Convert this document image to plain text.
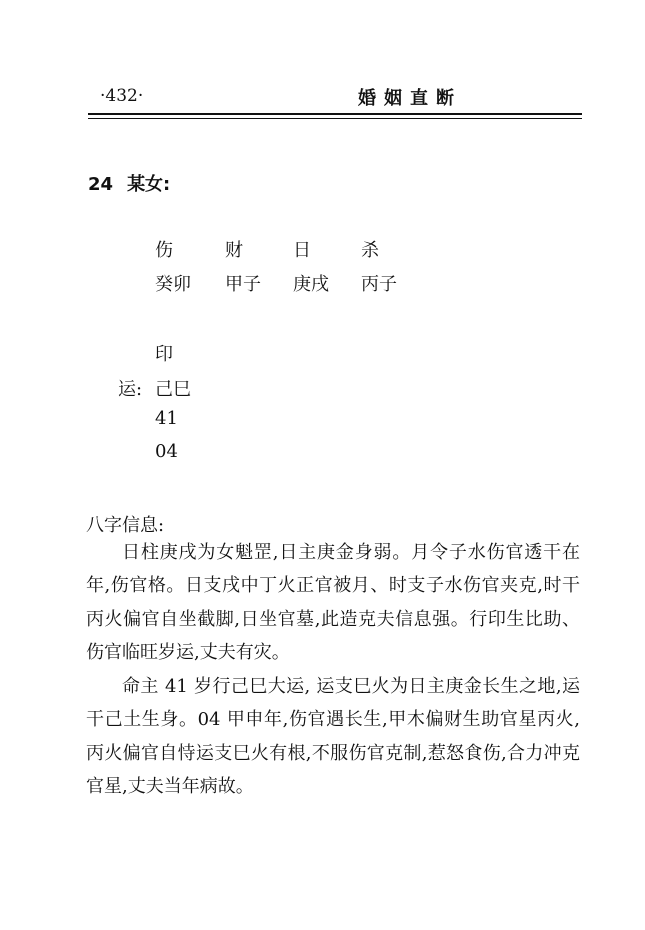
·432·	婚姻直断
24 某女:
伤	财	日	杀
癸卯 甲子 庚戌 丙子
印
运: 己巳
41
04
八字信息:

日柱庚戌为女魁罡,日主庚金身弱。月令子水伤官透干在年,伤官格。日支戌中丁火正官被月、时支子水伤官夹克,时干丙火偏官自坐截脚,日坐官墓,此造克夫信息强。行印生比助、伤官临旺岁运,丈夫有灾。

命主 41 岁行己巳大运, 运支巳火为日主庚金长生之地,运干己土生身。04 甲申年,伤官遇长生,甲木偏财生助官星丙火,丙火偏官自恃运支巳火有根,不服伤官克制,惹怒食伤,合力冲克官星,丈夫当年病故。
